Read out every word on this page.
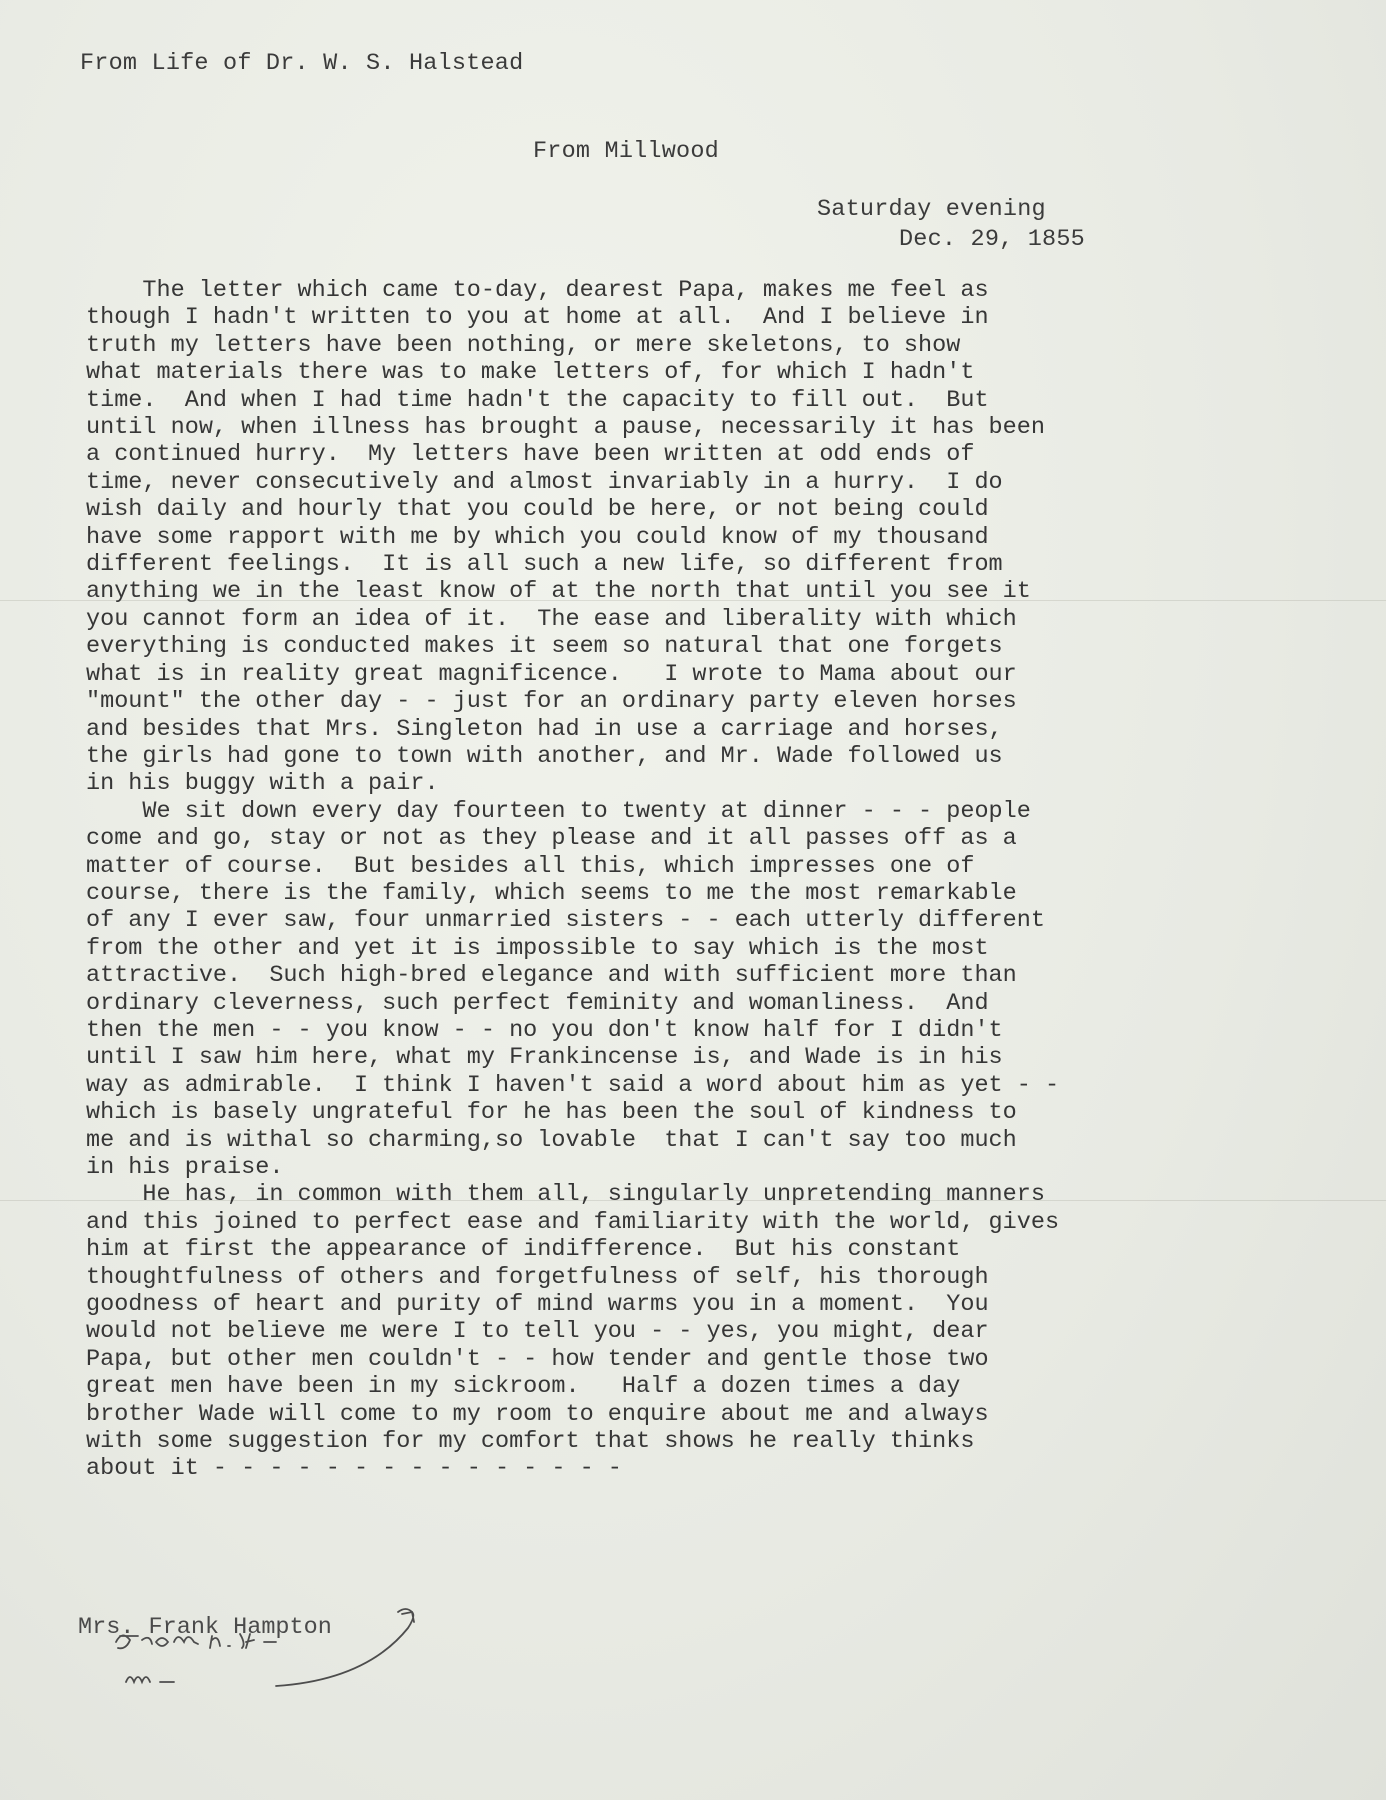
From Life of Dr. W. S. Halstead
From Millwood
Saturday evening
Dec. 29, 1855
The letter which came to-day, dearest Papa, makes me feel as
though I hadn't written to you at home at all.  And I believe in
truth my letters have been nothing, or mere skeletons, to show
what materials there was to make letters of, for which I hadn't
time.  And when I had time hadn't the capacity to fill out.  But
until now, when illness has brought a pause, necessarily it has been
a continued hurry.  My letters have been written at odd ends of
time, never consecutively and almost invariably in a hurry.  I do
wish daily and hourly that you could be here, or not being could
have some rapport with me by which you could know of my thousand
different feelings.  It is all such a new life, so different from
anything we in the least know of at the north that until you see it
you cannot form an idea of it.  The ease and liberality with which
everything is conducted makes it seem so natural that one forgets
what is in reality great magnificence.   I wrote to Mama about our
"mount" the other day - - just for an ordinary party eleven horses
and besides that Mrs. Singleton had in use a carriage and horses,
the girls had gone to town with another, and Mr. Wade followed us
in his buggy with a pair.
We sit down every day fourteen to twenty at dinner - - - people
come and go, stay or not as they please and it all passes off as a
matter of course.  But besides all this, which impresses one of
course, there is the family, which seems to me the most remarkable
of any I ever saw, four unmarried sisters - - each utterly different
from the other and yet it is impossible to say which is the most
attractive.  Such high-bred elegance and with sufficient more than
ordinary cleverness, such perfect feminity and womanliness.  And
then the men - - you know - - no you don't know half for I didn't
until I saw him here, what my Frankincense is, and Wade is in his
way as admirable.  I think I haven't said a word about him as yet - -
which is basely ungrateful for he has been the soul of kindness to
me and is withal so charming,so lovable  that I can't say too much
in his praise.
He has, in common with them all, singularly unpretending manners
and this joined to perfect ease and familiarity with the world, gives
him at first the appearance of indifference.  But his constant
thoughtfulness of others and forgetfulness of self, his thorough
goodness of heart and purity of mind warms you in a moment.  You
would not believe me were I to tell you - - yes, you might, dear
Papa, but other men couldn't - - how tender and gentle those two
great men have been in my sickroom.   Half a dozen times a day
brother Wade will come to my room to enquire about me and always
with some suggestion for my comfort that shows he really thinks
about it - - - - - - - - - - - - - - -
Mrs. Frank Hampton
